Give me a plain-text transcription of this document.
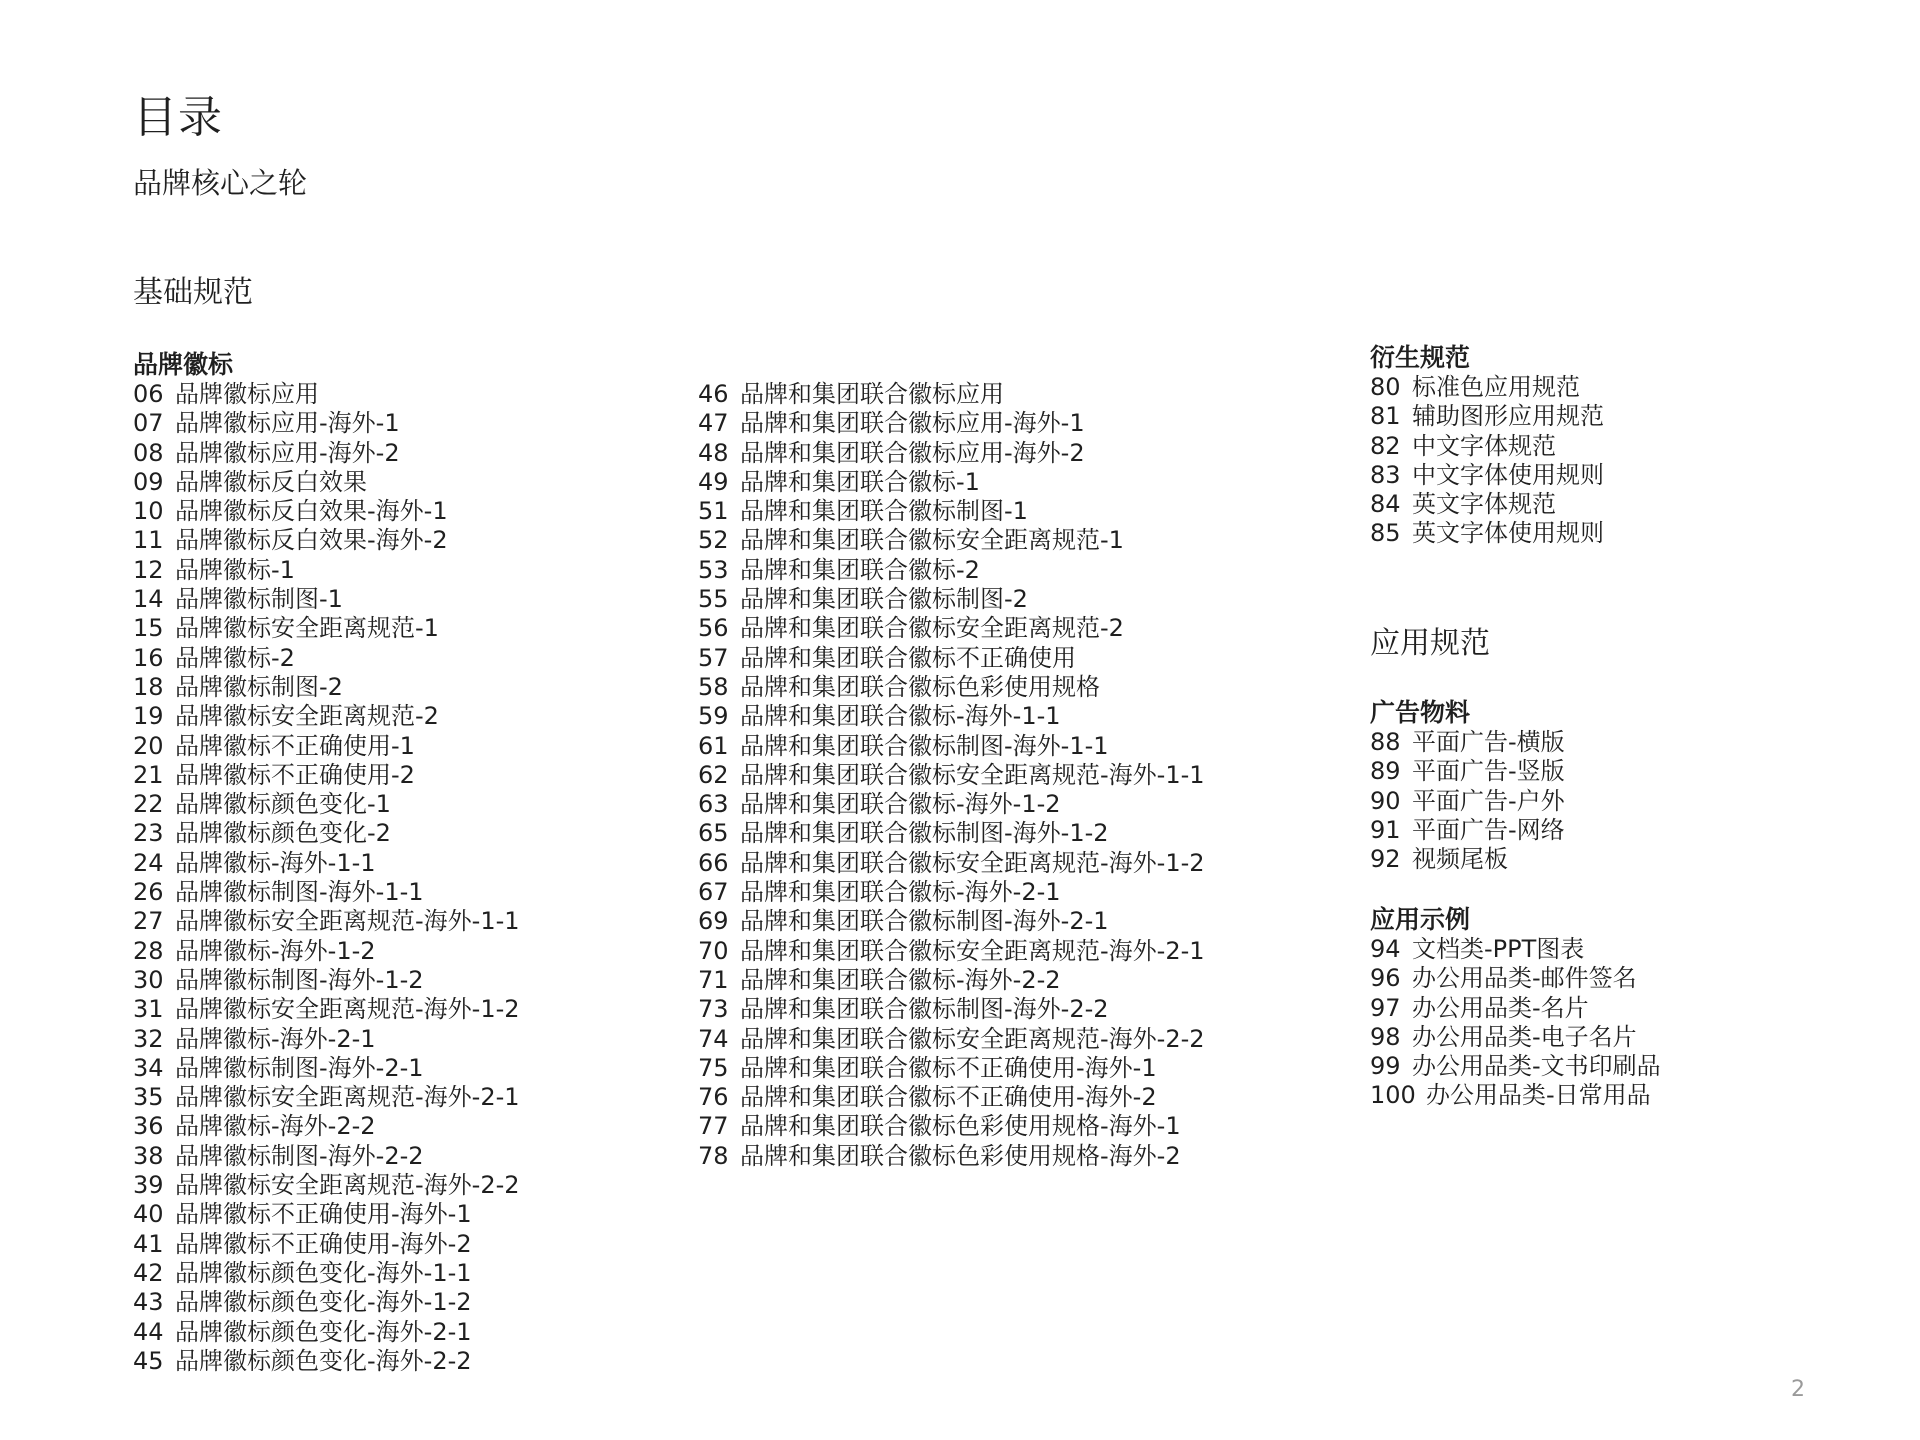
目录
品牌核心之轮
基础规范
品牌徽标
06 品牌徽标应用
07 品牌徽标应用-海外-1
08 品牌徽标应用-海外-2
09 品牌徽标反白效果
10 品牌徽标反白效果-海外-1
11 品牌徽标反白效果-海外-2
12 品牌徽标-1
14 品牌徽标制图-1
15 品牌徽标安全距离规范-1
16 品牌徽标-2
18 品牌徽标制图-2
19 品牌徽标安全距离规范-2
20 品牌徽标不正确使用-1
21 品牌徽标不正确使用-2
22 品牌徽标颜色变化-1
23 品牌徽标颜色变化-2
24 品牌徽标-海外-1-1
26 品牌徽标制图-海外-1-1
27 品牌徽标安全距离规范-海外-1-1
28 品牌徽标-海外-1-2
30 品牌徽标制图-海外-1-2
31 品牌徽标安全距离规范-海外-1-2
32 品牌徽标-海外-2-1
34 品牌徽标制图-海外-2-1
35 品牌徽标安全距离规范-海外-2-1
36 品牌徽标-海外-2-2
38 品牌徽标制图-海外-2-2
39 品牌徽标安全距离规范-海外-2-2
40 品牌徽标不正确使用-海外-1
41 品牌徽标不正确使用-海外-2
42 品牌徽标颜色变化-海外-1-1
43 品牌徽标颜色变化-海外-1-2
44 品牌徽标颜色变化-海外-2-1
45 品牌徽标颜色变化-海外-2-2
46 品牌和集团联合徽标应用
47 品牌和集团联合徽标应用-海外-1
48 品牌和集团联合徽标应用-海外-2
49 品牌和集团联合徽标-1
51 品牌和集团联合徽标制图-1
52 品牌和集团联合徽标安全距离规范-1
53 品牌和集团联合徽标-2
55 品牌和集团联合徽标制图-2
56 品牌和集团联合徽标安全距离规范-2
57 品牌和集团联合徽标不正确使用
58 品牌和集团联合徽标色彩使用规格
59 品牌和集团联合徽标-海外-1-1
61 品牌和集团联合徽标制图-海外-1-1
62 品牌和集团联合徽标安全距离规范-海外-1-1
63 品牌和集团联合徽标-海外-1-2
65 品牌和集团联合徽标制图-海外-1-2
66 品牌和集团联合徽标安全距离规范-海外-1-2
67 品牌和集团联合徽标-海外-2-1
69 品牌和集团联合徽标制图-海外-2-1
70 品牌和集团联合徽标安全距离规范-海外-2-1
71 品牌和集团联合徽标-海外-2-2
73 品牌和集团联合徽标制图-海外-2-2
74 品牌和集团联合徽标安全距离规范-海外-2-2
75 品牌和集团联合徽标不正确使用-海外-1
76 品牌和集团联合徽标不正确使用-海外-2
77 品牌和集团联合徽标色彩使用规格-海外-1
78 品牌和集团联合徽标色彩使用规格-海外-2
衍生规范
80 标准色应用规范
81 辅助图形应用规范
82 中文字体规范
83 中文字体使用规则
84 英文字体规范
85 英文字体使用规则
应用规范
广告物料
88 平面广告-横版
89 平面广告-竖版
90 平面广告-户外
91 平面广告-网络
92 视频尾板
应用示例
94 文档类-PPT图表
96 办公用品类-邮件签名
97 办公用品类-名片
98 办公用品类-电子名片
99 办公用品类-文书印刷品
100 办公用品类-日常用品
2
